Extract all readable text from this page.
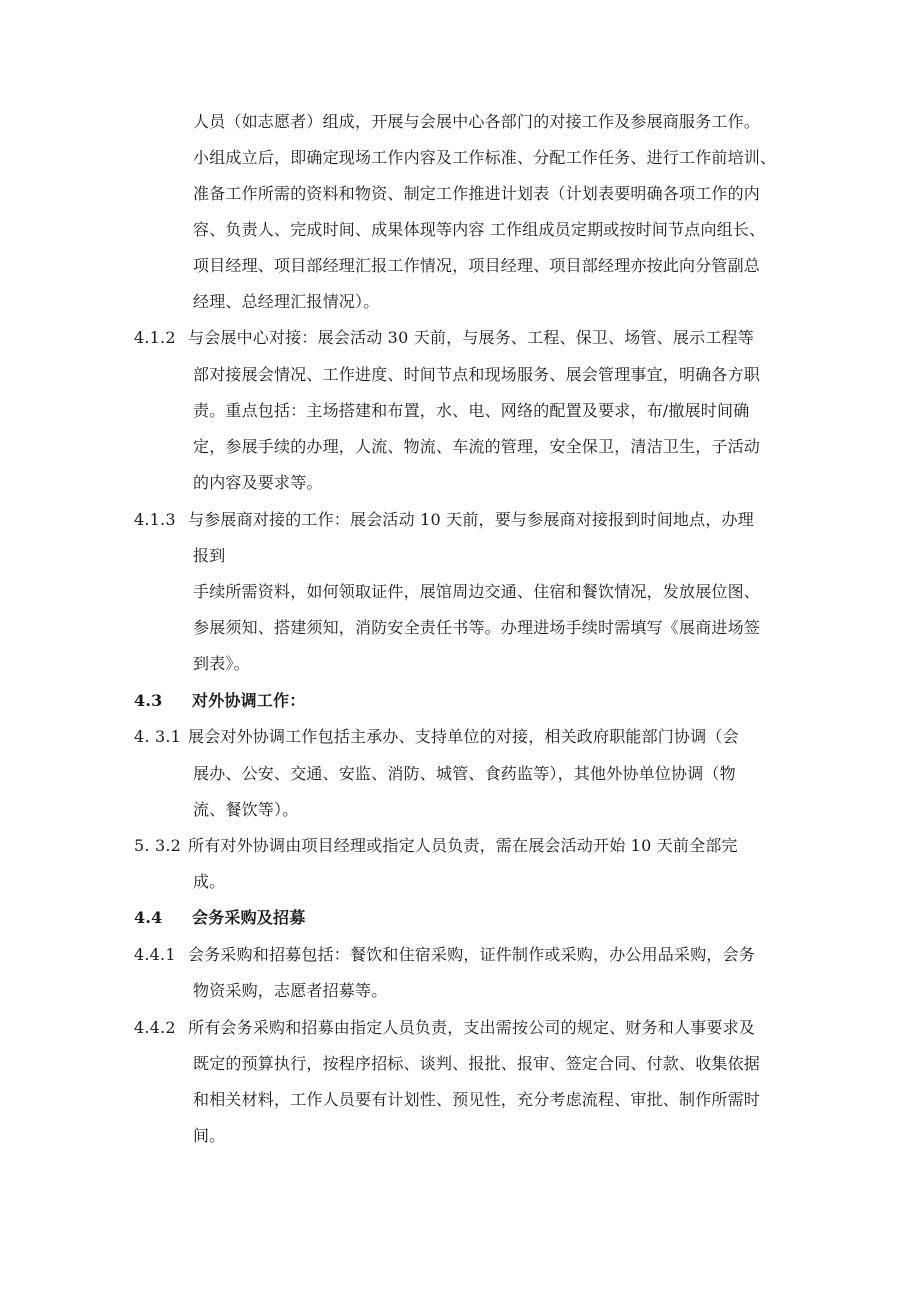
人员（如志愿者）组成，开展与会展中心各部门的对接工作及参展商服务工作。
小组成立后，即确定现场工作内容及工作标准、分配工作任务、进行工作前培训、
准备工作所需的资料和物资、制定工作推进计划表（计划表要明确各项工作的内
容、负责人、完成时间、成果体现等内容 工作组成员定期或按时间节点向组长、
项目经理、项目部经理汇报工作情况，项目经理、项目部经理亦按此向分管副总
经理、总经理汇报情况）。
4.1.2 与会展中心对接：展会活动 30 天前，与展务、工程、保卫、场管、展示工程等
部对接展会情况、工作进度、时间节点和现场服务、展会管理事宜，明确各方职
责。重点包括：主场搭建和布置，水、电、网络的配置及要求，布/撤展时间确
定，参展手续的办理，人流、物流、车流的管理，安全保卫，清洁卫生，子活动
的内容及要求等。
4.1.3 与参展商对接的工作：展会活动 10 天前，要与参展商对接报到时间地点，办理
报到
手续所需资料，如何领取证件，展馆周边交通、住宿和餐饮情况，发放展位图、
参展须知、搭建须知，消防安全责任书等。办理进场手续时需填写《展商进场签
到表》。
4.3 对外协调工作：
4. 3.1 展会对外协调工作包括主承办、支持单位的对接，相关政府职能部门协调（会
展办、公安、交通、安监、消防、城管、食药监等），其他外协单位协调（物
流、餐饮等）。
5. 3.2 所有对外协调由项目经理或指定人员负责，需在展会活动开始 10 天前全部完
成。
4.4 会务采购及招募
4.4.1 会务采购和招募包括：餐饮和住宿采购，证件制作或采购，办公用品采购，会务
物资采购，志愿者招募等。
4.4.2 所有会务采购和招募由指定人员负责，支出需按公司的规定、财务和人事要求及
既定的预算执行，按程序招标、谈判、报批、报审、签定合同、付款、收集依据
和相关材料，工作人员要有计划性、预见性，充分考虑流程、审批、制作所需时
间。
